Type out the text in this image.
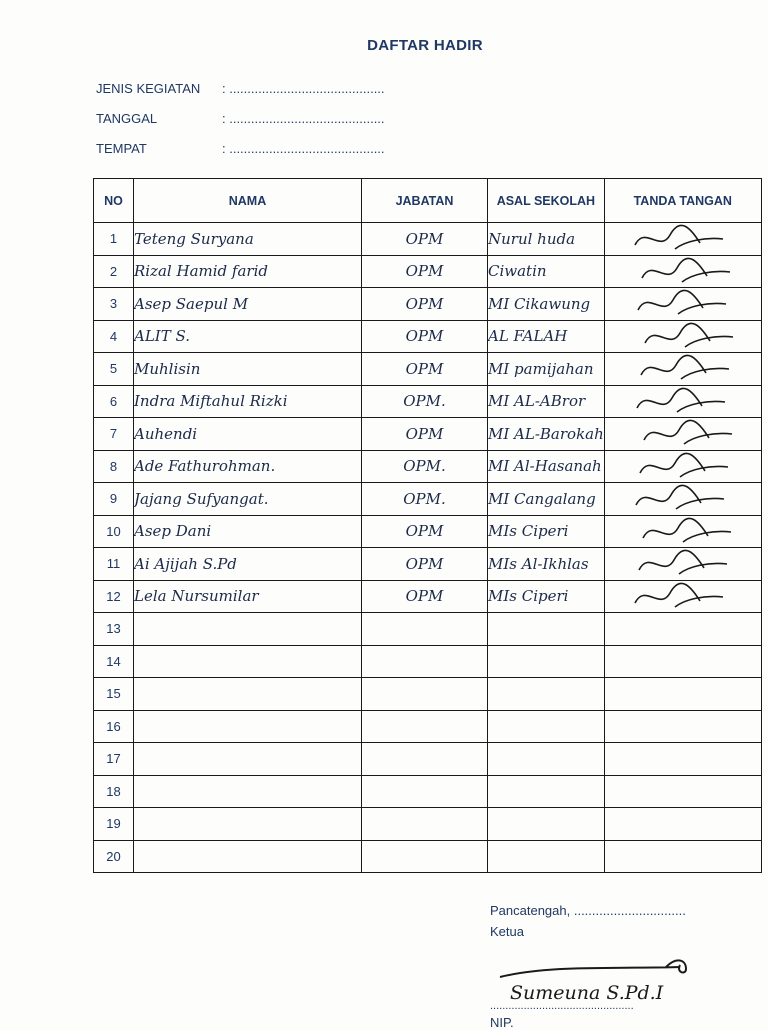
DAFTAR HADIR
JENIS KEGIATAN : ...........................................
TANGGAL	: ...........................................
TEMPAT	: ...........................................
NO	NAMA	JABATAN	ASAL SEKOLAH	TANDA TANGAN
1	Teteng Suryana	OPM	Nurul huda	

2	Rizal Hamid farid	OPM	Ciwatin	

3	Asep Saepul M	OPM	MI Cikawung	

4	ALIT S.	OPM	AL FALAH	

5	Muhlisin	OPM	MI pamijahan	

6	Indra Miftahul Rizki	OPM.	MI AL-ABror	

7	Auhendi	OPM	MI AL-Barokah	

8	Ade Fathurohman.	OPM.	MI Al-Hasanah	

9	Jajang Sufyangat.	OPM.	MI Cangalang	

10	Asep Dani	OPM	MIs Ciperi	

11	Ai Ajijah S.Pd	OPM	MIs Al-Ikhlas	

12	Lela Nursumilar	OPM	MIs Ciperi	

13				
14				
15				
16				
17				
18				
19				
20				
Pancatengah, ...............................
Ketua
Sumeuna S.Pd.I
...............................................
NIP.
